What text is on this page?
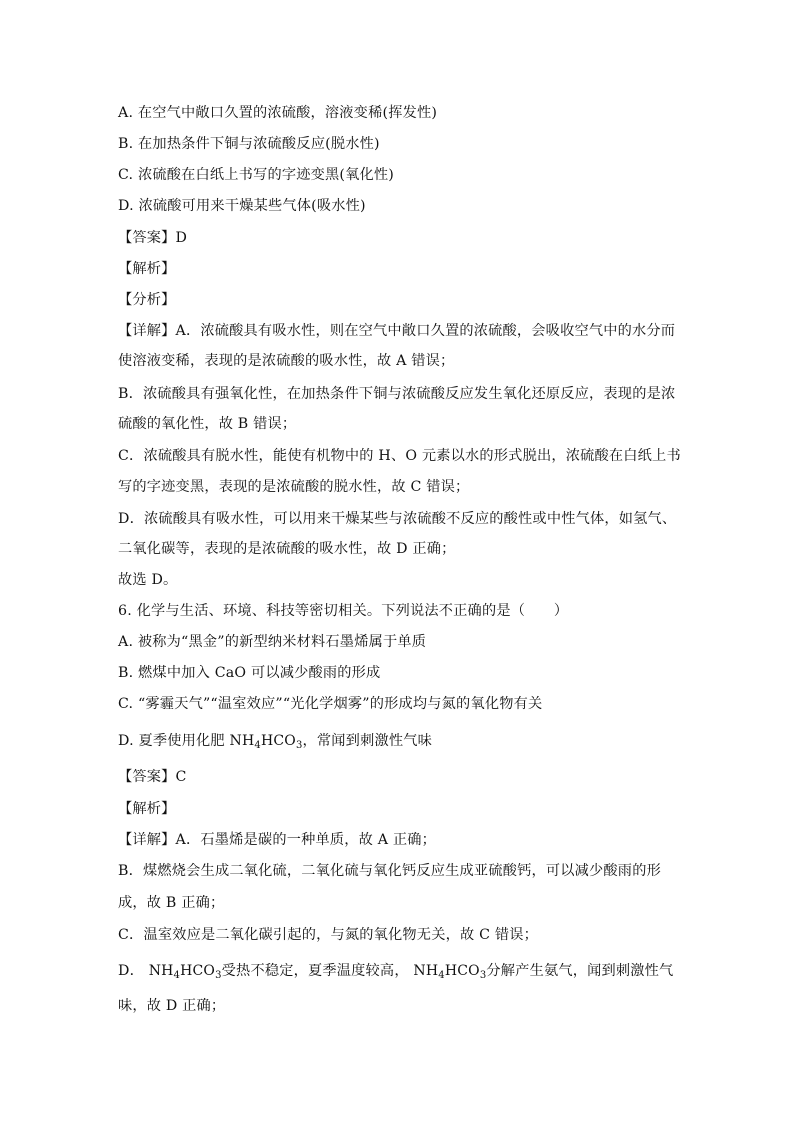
A. 在空气中敞口久置的浓硫酸，溶液变稀(挥发性)
B. 在加热条件下铜与浓硫酸反应(脱水性)
C. 浓硫酸在白纸上书写的字迹变黑(氧化性)
D. 浓硫酸可用来干燥某些气体(吸水性)
【答案】D
【解析】
【分析】
【详解】A．浓硫酸具有吸水性，则在空气中敞口久置的浓硫酸，会吸收空气中的水分而
使溶液变稀，表现的是浓硫酸的吸水性，故 A 错误；
B．浓硫酸具有强氧化性，在加热条件下铜与浓硫酸反应发生氧化还原反应，表现的是浓
硫酸的氧化性，故 B 错误；
C．浓硫酸具有脱水性，能使有机物中的 H、O 元素以水的形式脱出，浓硫酸在白纸上书
写的字迹变黑，表现的是浓硫酸的脱水性，故 C 错误；
D．浓硫酸具有吸水性，可以用来干燥某些与浓硫酸不反应的酸性或中性气体，如氢气、
二氧化碳等，表现的是浓硫酸的吸水性，故 D 正确；
故选 D。
6. 化学与生活、环境、科技等密切相关。下列说法不正确的是（　　）
A. 被称为“黑金”的新型纳米材料石墨烯属于单质
B. 燃煤中加入 CaO 可以减少酸雨的形成
C. “雾霾天气”“温室效应”“光化学烟雾”的形成均与氮的氧化物有关
D. 夏季使用化肥 $NH_4HCO_3$，常闻到刺激性气味
【答案】C
【解析】
【详解】A．石墨烯是碳的一种单质，故 A 正确；
B．煤燃烧会生成二氧化硫，二氧化硫与氧化钙反应生成亚硫酸钙，可以减少酸雨的形
成，故 B 正确；
C．温室效应是二氧化碳引起的，与氮的氧化物无关，故 C 错误；
D． $NH_4HCO_3$受热不稳定，夏季温度较高， $NH_4HCO_3$分解产生氨气，闻到刺激性气
味，故 D 正确；
